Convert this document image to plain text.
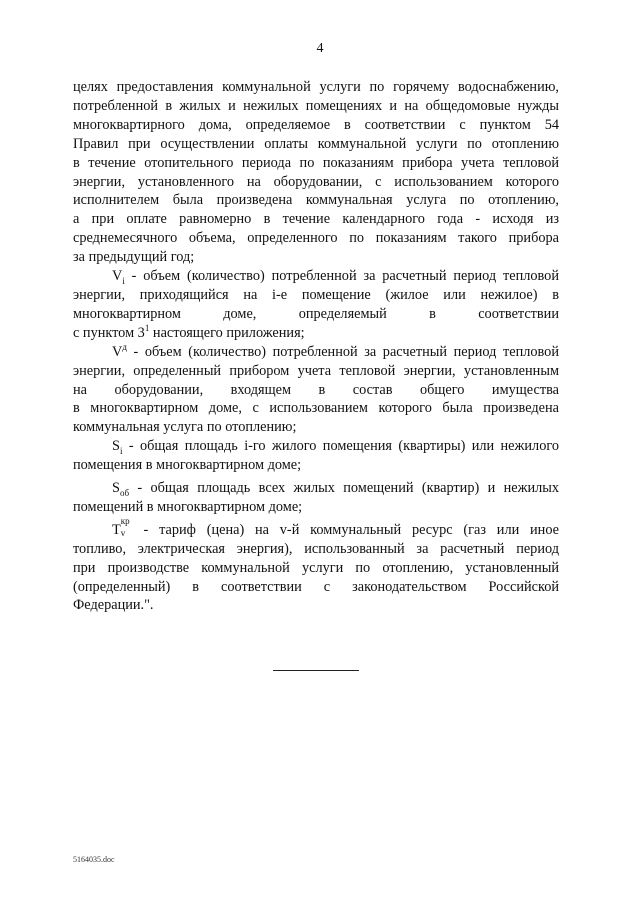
4

целях предоставления коммунальной услуги по горячему водоснабжению,
потребленной в жилых и нежилых помещениях и на общедомовые нужды
многоквартирного дома, определяемое в соответствии с пунктом 54
Правил при осуществлении оплаты коммунальной услуги по отоплению
в течение отопительного периода по показаниям прибора учета тепловой
энергии, установленного на оборудовании, с использованием которого
исполнителем была произведена коммунальная услуга по отоплению,
а при оплате равномерно в течение календарного года - исходя из
среднемесячного объема, определенного по показаниям такого прибора
за предыдущий год;

$V_i$ - объем (количество) потребленной за расчетный период тепловой
энергии, приходящийся на i-е помещение (жилое или нежилое) в
многоквартирном доме, определяемый в соответствии
с пунктом $3^1$ настоящего приложения;

$V^д$ - объем (количество) потребленной за расчетный период тепловой
энергии, определенный прибором учета тепловой энергии, установленным
на оборудовании, входящем в состав общего имущества
в многоквартирном доме, с использованием которого была произведена
коммунальная услуга по отоплению;

$S_i$ - общая площадь i-го жилого помещения (квартиры) или нежилого
помещения в многоквартирном доме;

$S_{об}$ - общая площадь всех жилых помещений (квартир) и нежилых
помещений в многоквартирном доме;

T
кр
v - тариф (цена) на v-й коммунальный ресурс (газ или иное
топливо, электрическая энергия), использованный за расчетный период
при производстве коммунальной услуги по отоплению, установленный
(определенный) в соответствии с законодательством Российской
Федерации.".

5164035.doc
